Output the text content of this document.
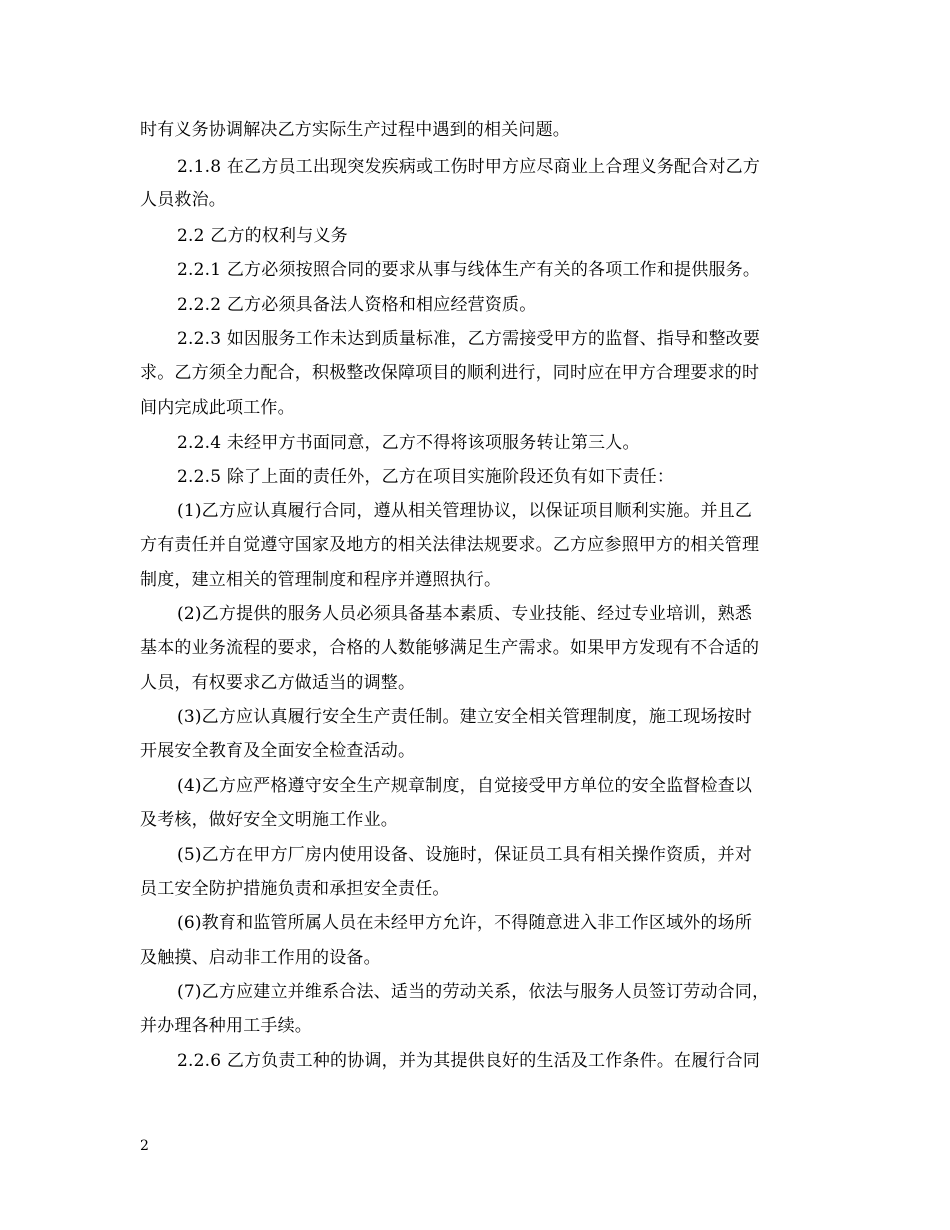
时有义务协调解决乙方实际生产过程中遇到的相关问题。
2.1.8 在乙方员工出现突发疾病或工伤时甲方应尽商业上合理义务配合对乙方
人员救治。
2.2 乙方的权利与义务
2.2.1 乙方必须按照合同的要求从事与线体生产有关的各项工作和提供服务。
2.2.2 乙方必须具备法人资格和相应经营资质。
2.2.3 如因服务工作未达到质量标准，乙方需接受甲方的监督、指导和整改要
求。乙方须全力配合，积极整改保障项目的顺利进行，同时应在甲方合理要求的时
间内完成此项工作。
2.2.4 未经甲方书面同意，乙方不得将该项服务转让第三人。
2.2.5 除了上面的责任外，乙方在项目实施阶段还负有如下责任：
(1)乙方应认真履行合同，遵从相关管理协议，以保证项目顺利实施。并且乙
方有责任并自觉遵守国家及地方的相关法律法规要求。乙方应参照甲方的相关管理
制度，建立相关的管理制度和程序并遵照执行。
(2)乙方提供的服务人员必须具备基本素质、专业技能、经过专业培训，熟悉
基本的业务流程的要求，合格的人数能够满足生产需求。如果甲方发现有不合适的
人员，有权要求乙方做适当的调整。
(3)乙方应认真履行安全生产责任制。建立安全相关管理制度，施工现场按时
开展安全教育及全面安全检查活动。
(4)乙方应严格遵守安全生产规章制度，自觉接受甲方单位的安全监督检查以
及考核，做好安全文明施工作业。
(5)乙方在甲方厂房内使用设备、设施时，保证员工具有相关操作资质，并对
员工安全防护措施负责和承担安全责任。
(6)教育和监管所属人员在未经甲方允许，不得随意进入非工作区域外的场所
及触摸、启动非工作用的设备。
(7)乙方应建立并维系合法、适当的劳动关系，依法与服务人员签订劳动合同，
并办理各种用工手续。
2.2.6 乙方负责工种的协调，并为其提供良好的生活及工作条件。在履行合同
2
